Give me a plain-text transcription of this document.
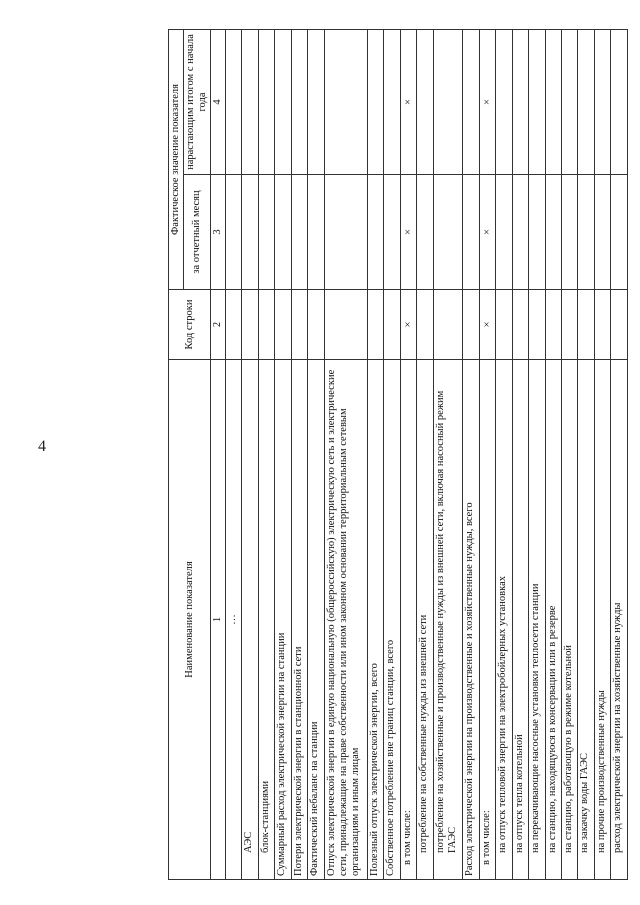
4
Наименование показателя	Код строки	Фактическое значение показателя	
		за отчетный месяц	нарастающим итогом с начала года
1	2	3	4
…			
АЭС			
блок-станциями			
Суммарный расход электрической энергии на станции			
Потери электрической энергии в станционной сети			
Фактический небаланс на станции			
Отпуск электрической энергии в единую национальную (общероссийскую) электрическую сеть и электрические сети, принадлежащие на праве собственности или ином законном основании территориальным сетевым организациям и иным лицам			
Полезный отпуск электрической энергии, всего			
Собственное потребление вне границ станции, всего			
в том числе:	×	×	×
потребление на собственные нужды из внешней сети			
потребление на хозяйственные и производственные нужды из внешней сети, включая насосный режим ГАЭС			
Расход электрической энергии на производственные и хозяйственные нужды, всего			
в том числе:	×	×	×
на отпуск тепловой энергии на электробойлерных установках			
на отпуск тепла котельной			
на перекачивающие насосные установки теплосети станции			
на станцию, находящуюся в консервации или в резерве			
на станцию, работающую в режиме котельной			
на закачку воды ГАЭС			
на прочие производственные нужды			
расход электрической энергии на хозяйственные нужды			
